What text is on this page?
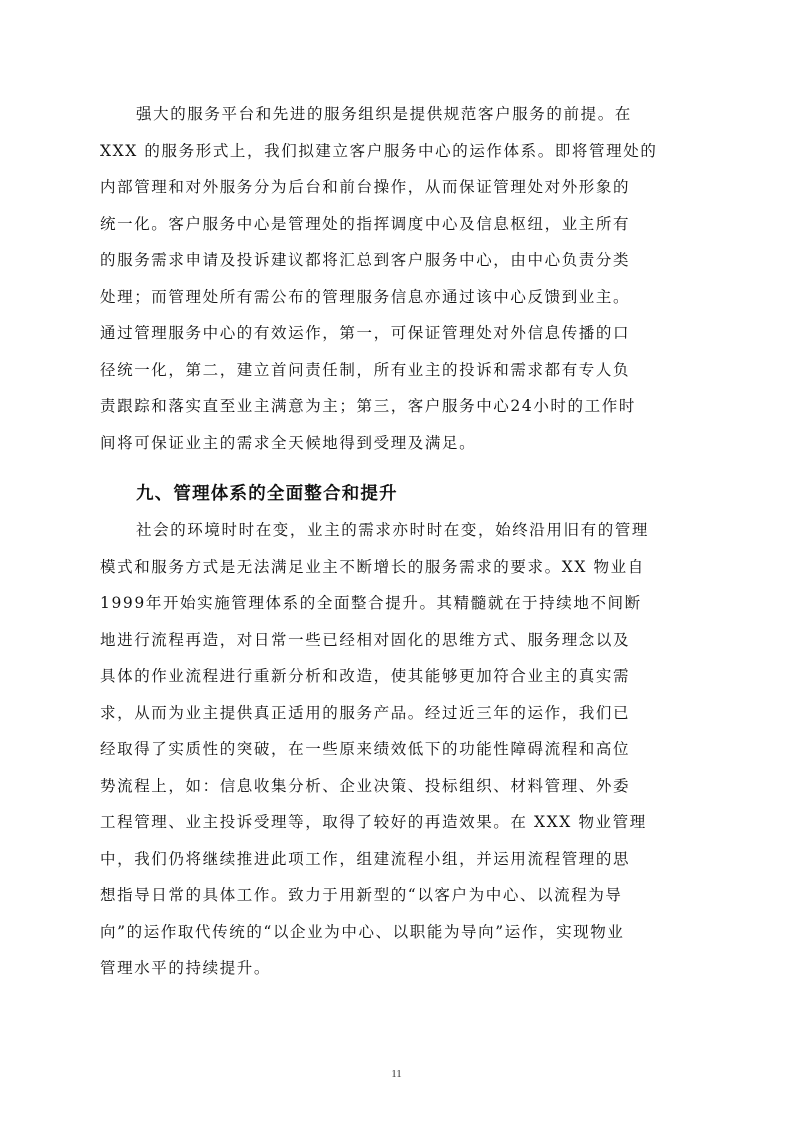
强大的服务平台和先进的服务组织是提供规范客户服务的前提。在
XXX 的服务形式上，我们拟建立客户服务中心的运作体系。即将管理处的
内部管理和对外服务分为后台和前台操作，从而保证管理处对外形象的
统一化。客户服务中心是管理处的指挥调度中心及信息枢纽，业主所有
的服务需求申请及投诉建议都将汇总到客户服务中心，由中心负责分类
处理；而管理处所有需公布的管理服务信息亦通过该中心反馈到业主。
通过管理服务中心的有效运作，第一，可保证管理处对外信息传播的口
径统一化，第二，建立首问责任制，所有业主的投诉和需求都有专人负
责跟踪和落实直至业主满意为主；第三，客户服务中心24小时的工作时
间将可保证业主的需求全天候地得到受理及满足。
九、管理体系的全面整合和提升
社会的环境时时在变，业主的需求亦时时在变，始终沿用旧有的管理
模式和服务方式是无法满足业主不断增长的服务需求的要求。XX 物业自
1999年开始实施管理体系的全面整合提升。其精髓就在于持续地不间断
地进行流程再造，对日常一些已经相对固化的思维方式、服务理念以及
具体的作业流程进行重新分析和改造，使其能够更加符合业主的真实需
求，从而为业主提供真正适用的服务产品。经过近三年的运作，我们已
经取得了实质性的突破，在一些原来绩效低下的功能性障碍流程和高位
势流程上，如：信息收集分析、企业决策、投标组织、材料管理、外委
工程管理、业主投诉受理等，取得了较好的再造效果。在 XXX 物业管理
中，我们仍将继续推进此项工作，组建流程小组，并运用流程管理的思
想指导日常的具体工作。致力于用新型的“以客户为中心、以流程为导
向”的运作取代传统的“以企业为中心、以职能为导向”运作，实现物业
管理水平的持续提升。
11
